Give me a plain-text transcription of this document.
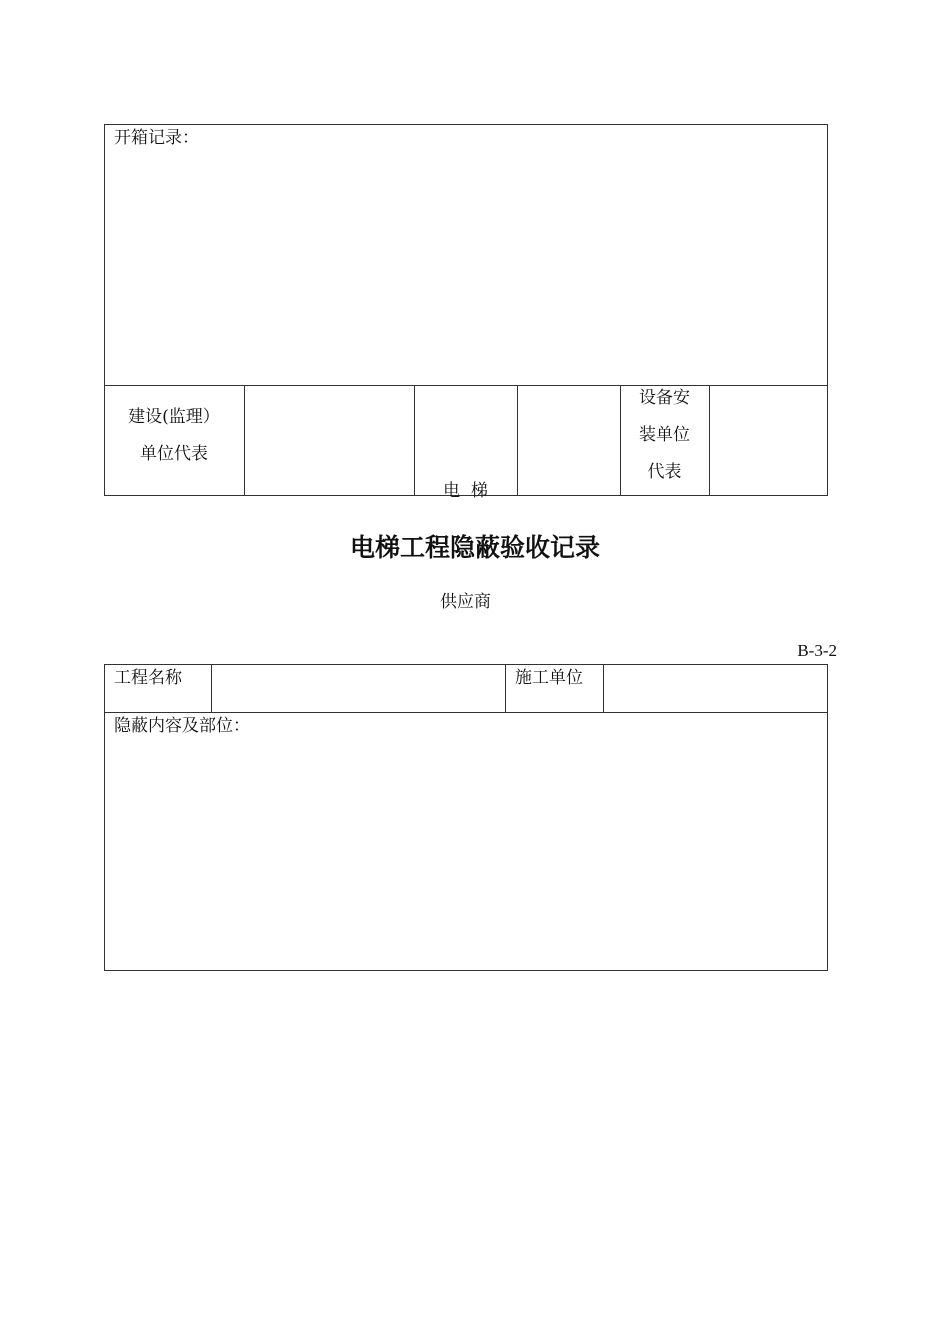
开箱记录：
建设(监理）
单位代表

电  梯

供应商

设备安
装单位
代表
电梯工程隐蔽验收记录
B-3-2
工程名称	施工单位
隐蔽内容及部位：
